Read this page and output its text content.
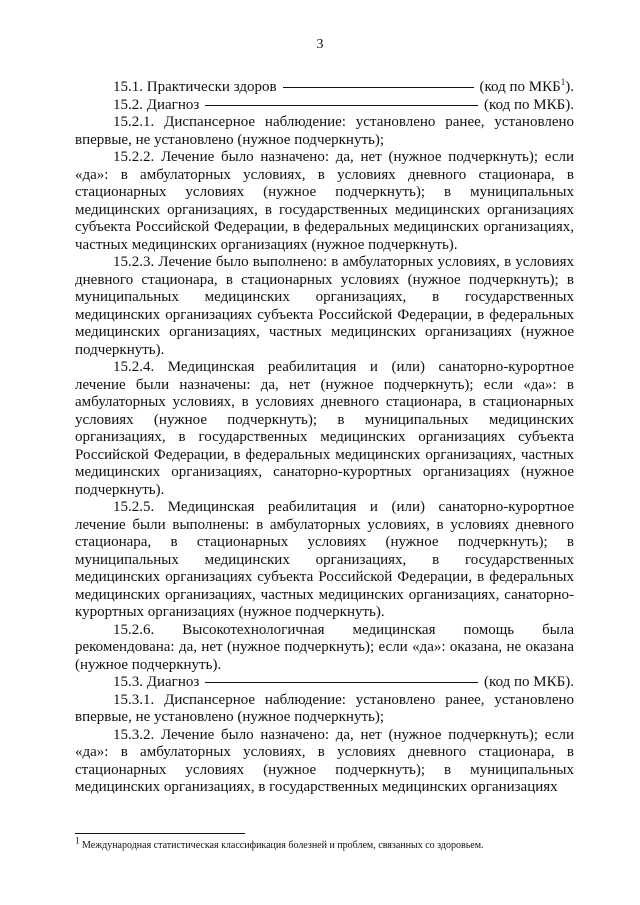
3
15.1. Практически здоров	(код по МКБ$^1$).
15.2. Диагноз	(код по МКБ).

15.2.1. Диспансерное наблюдение: установлено ранее, установлено впервые, не установлено (нужное подчеркнуть);

15.2.2. Лечение было назначено: да, нет (нужное подчеркнуть); если «да»: в амбулаторных условиях, в условиях дневного стационара, в стационарных условиях (нужное подчеркнуть); в муниципальных медицинских организациях, в государственных медицинских организациях субъекта Российской Федерации, в федеральных медицинских организациях, частных медицинских организациях (нужное подчеркнуть).

15.2.3. Лечение было выполнено: в амбулаторных условиях, в условиях дневного стационара, в стационарных условиях (нужное подчеркнуть); в муниципальных медицинских организациях, в государственных медицинских организациях субъекта Российской Федерации, в федеральных медицинских организациях, частных медицинских организациях (нужное подчеркнуть).

15.2.4. Медицинская реабилитация и (или) санаторно-курортное лечение были назначены: да, нет (нужное подчеркнуть); если «да»: в амбулаторных условиях, в условиях дневного стационара, в стационарных условиях (нужное подчеркнуть); в муниципальных медицинских организациях, в государственных медицинских организациях субъекта Российской Федерации, в федеральных медицинских организациях, частных медицинских организациях, санаторно-курортных организациях (нужное подчеркнуть).

15.2.5. Медицинская реабилитация и (или) санаторно-курортное лечение были выполнены: в амбулаторных условиях, в условиях дневного стационара, в стационарных условиях (нужное подчеркнуть); в муниципальных медицинских организациях, в государственных медицинских организациях субъекта Российской Федерации, в федеральных медицинских организациях, частных медицинских организациях, санаторно-курортных организациях (нужное подчеркнуть).

15.2.6. Высокотехнологичная медицинская помощь была рекомендована: да, нет (нужное подчеркнуть); если «да»: оказана, не оказана (нужное подчеркнуть).

15.3. Диагноз	(код по МКБ).

15.3.1. Диспансерное наблюдение: установлено ранее, установлено впервые, не установлено (нужное подчеркнуть);

15.3.2. Лечение было назначено: да, нет (нужное подчеркнуть); если «да»: в амбулаторных условиях, в условиях дневного стационара, в стационарных условиях (нужное подчеркнуть); в муниципальных медицинских организациях, в государственных медицинских организациях

$^1$ Международная статистическая классификация болезней и проблем, связанных со здоровьем.
